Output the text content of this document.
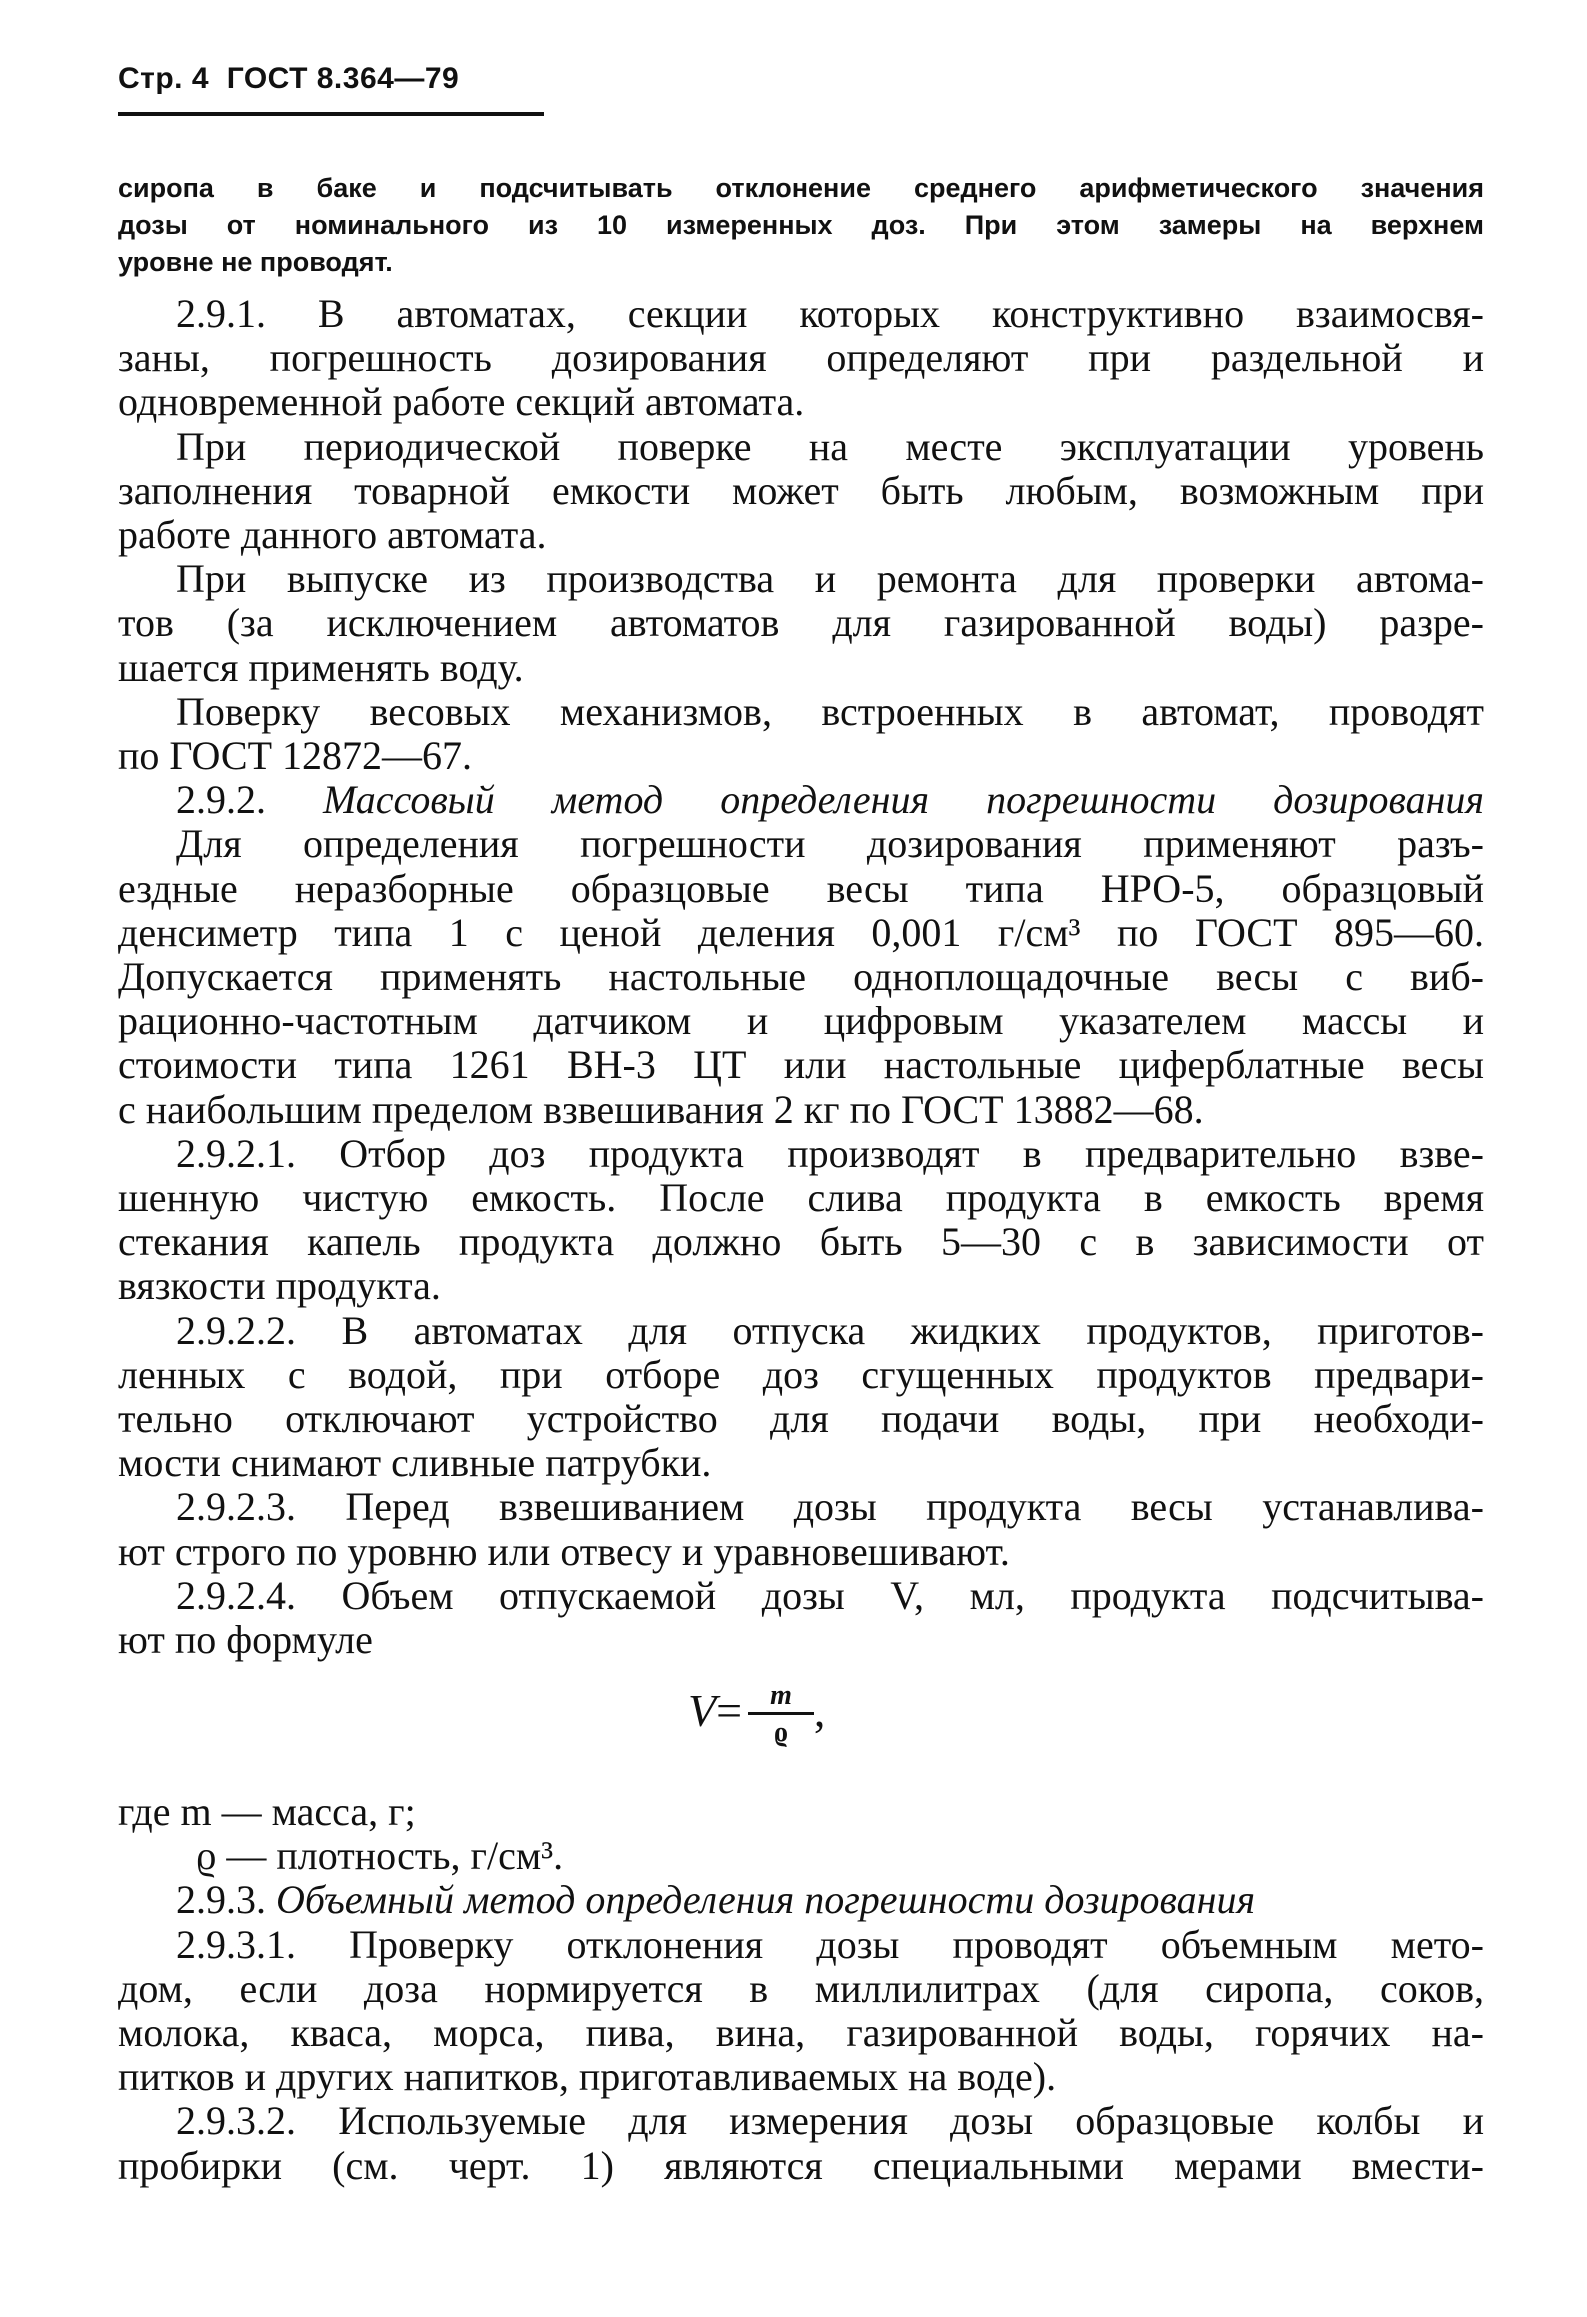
Стр. 4 ГОСТ 8.364—79
сиропа в баке и подсчитывать отклонение среднего арифметического значения
дозы от номинального из 10 измеренных доз. При этом замеры на верхнем
уровне не проводят.
2.9.1. В автоматах, секции которых конструктивно взаимосвя-
заны, погрешность дозирования определяют при раздельной и
одновременной работе секций автомата.
При периодической поверке на месте эксплуатации уровень
заполнения товарной емкости может быть любым, возможным при
работе данного автомата.
При выпуске из производства и ремонта для проверки автома-
тов (за исключением автоматов для газированной воды) разре-
шается применять воду.
Поверку весовых механизмов, встроенных в автомат, проводят
по ГОСТ 12872—67.
2.9.2. Массовый метод определения погрешности дозирования
Для определения погрешности дозирования применяют разъ-
ездные неразборные образцовые весы типа НРО-5, образцовый
денсиметр типа 1 с ценой деления 0,001 г/см³ по ГОСТ 895—60.
Допускается применять настольные одноплощадочные весы с виб-
рационно-частотным датчиком и цифровым указателем массы и
стоимости типа 1261 ВН-3 ЦТ или настольные циферблатные весы
с наибольшим пределом взвешивания 2 кг по ГОСТ 13882—68.
2.9.2.1. Отбор доз продукта производят в предварительно взве-
шенную чистую емкость. После слива продукта в емкость время
стекания капель продукта должно быть 5—30 с в зависимости от
вязкости продукта.
2.9.2.2. В автоматах для отпуска жидких продуктов, приготов-
ленных с водой, при отборе доз сгущенных продуктов предвари-
тельно отключают устройство для подачи воды, при необходи-
мости снимают сливные патрубки.
2.9.2.3. Перед взвешиванием дозы продукта весы устанавлива-
ют строго по уровню или отвесу и уравновешивают.
2.9.2.4. Объем отпускаемой дозы V, мл, продукта подсчитыва-
ют по формуле
$V= \frac{m}{ϱ}$ ,
где m — масса, г;
ϱ — плотность, г/см³.
2.9.3. Объемный метод определения погрешности дозирования
2.9.3.1. Проверку отклонения дозы проводят объемным мето-
дом, если доза нормируется в миллилитрах (для сиропа, соков,
молока, кваса, морса, пива, вина, газированной воды, горячих на-
питков и других напитков, приготавливаемых на воде).
2.9.3.2. Используемые для измерения дозы образцовые колбы и
пробирки (см. черт. 1) являются специальными мерами вмести-
